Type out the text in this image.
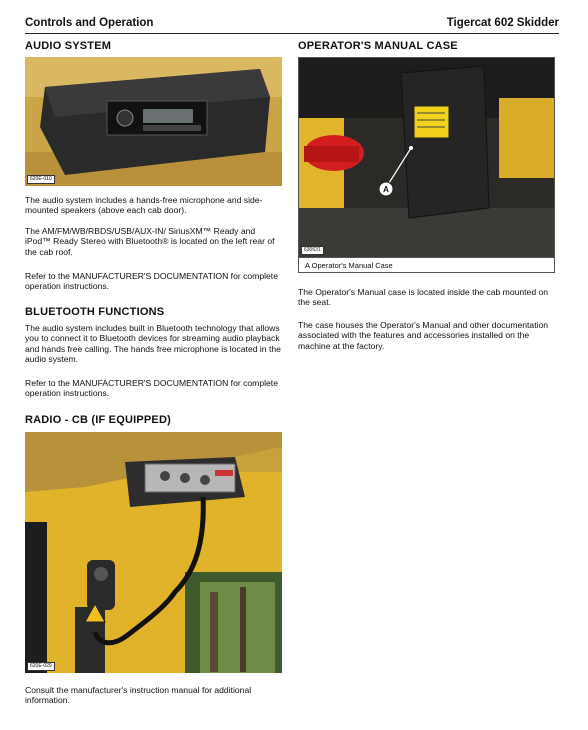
Controls and Operation	Tigercat 602 Skidder
AUDIO SYSTEM
620E-010

The audio system includes a hands-free microphone and side-mounted speakers (above each cab door).

The AM/FM/WB/RBDS/USB/AUX-IN/ SiriusXM™ Ready and iPod™ Ready Stereo with Bluetooth® is located on the left rear of the cab roof.

Refer to the MANUFACTURER'S DOCUMENTATION for complete operation instructions.

BLUETOOTH FUNCTIONS

The audio system includes built in Bluetooth technology that allows you to connect it to Bluetooth devices for streaming audio playback and hands free calling. The hands free microphone is located in the audio system.

Refer to the MANUFACTURER'S DOCUMENTATION for complete operation instructions.

RADIO - CB (IF EQUIPPED)
620E-029

Consult the manufacturer's instruction manual for additional information.

OPERATOR'S MANUAL CASE
A
630631
A Operator's Manual Case

The Operator's Manual case is located inside the cab mounted on the seat.

The case houses the Operator's Manual and other documentation associated with the features and accessories installed on the machine at the factory.
